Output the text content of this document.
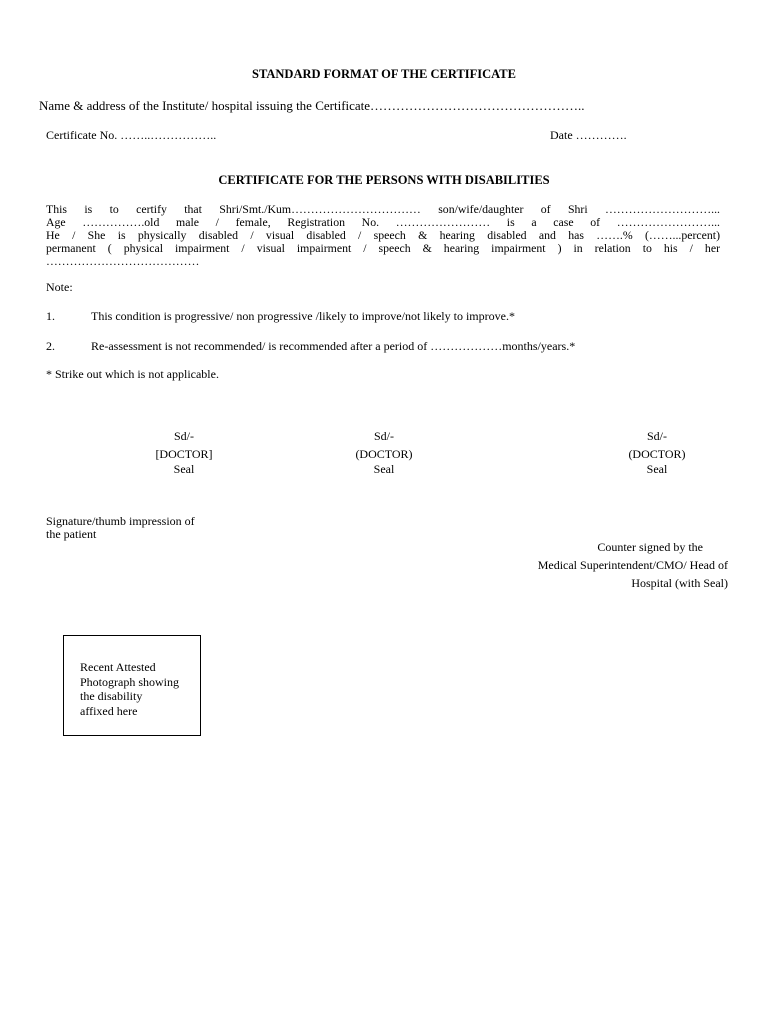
STANDARD FORMAT OF THE CERTIFICATE
Name & address of the Institute/ hospital issuing the Certificate…………………………………………..
Certificate No. ……..……………..	Date ………….
CERTIFICATE FOR THE PERSONS WITH DISABILITIES
This is to certify that Shri/Smt./Kum…………………………… son/wife/daughter of Shri ………………………...
Age …………….old male / female, Registration No. …………………… is a case of ……………………...
He / She is physically disabled / visual disabled / speech & hearing disabled and has …….% (……...percent)
permanent ( physical impairment / visual impairment / speech & hearing impairment ) in relation to his / her
…………………………………
Note:
1.	This condition is progressive/ non progressive /likely to improve/not likely to improve.*
2.	Re-assessment is not recommended/ is recommended after a period of ………………months/years.*
* Strike out which is not applicable.
Sd/-
[DOCTOR]
Seal
Sd/-
(DOCTOR)
Seal
Sd/-
(DOCTOR)
Seal
Signature/thumb impression of
the patient
Counter signed by the
Medical Superintendent/CMO/ Head of
Hospital (with Seal)
Recent Attested
Photograph showing
the disability
affixed here
